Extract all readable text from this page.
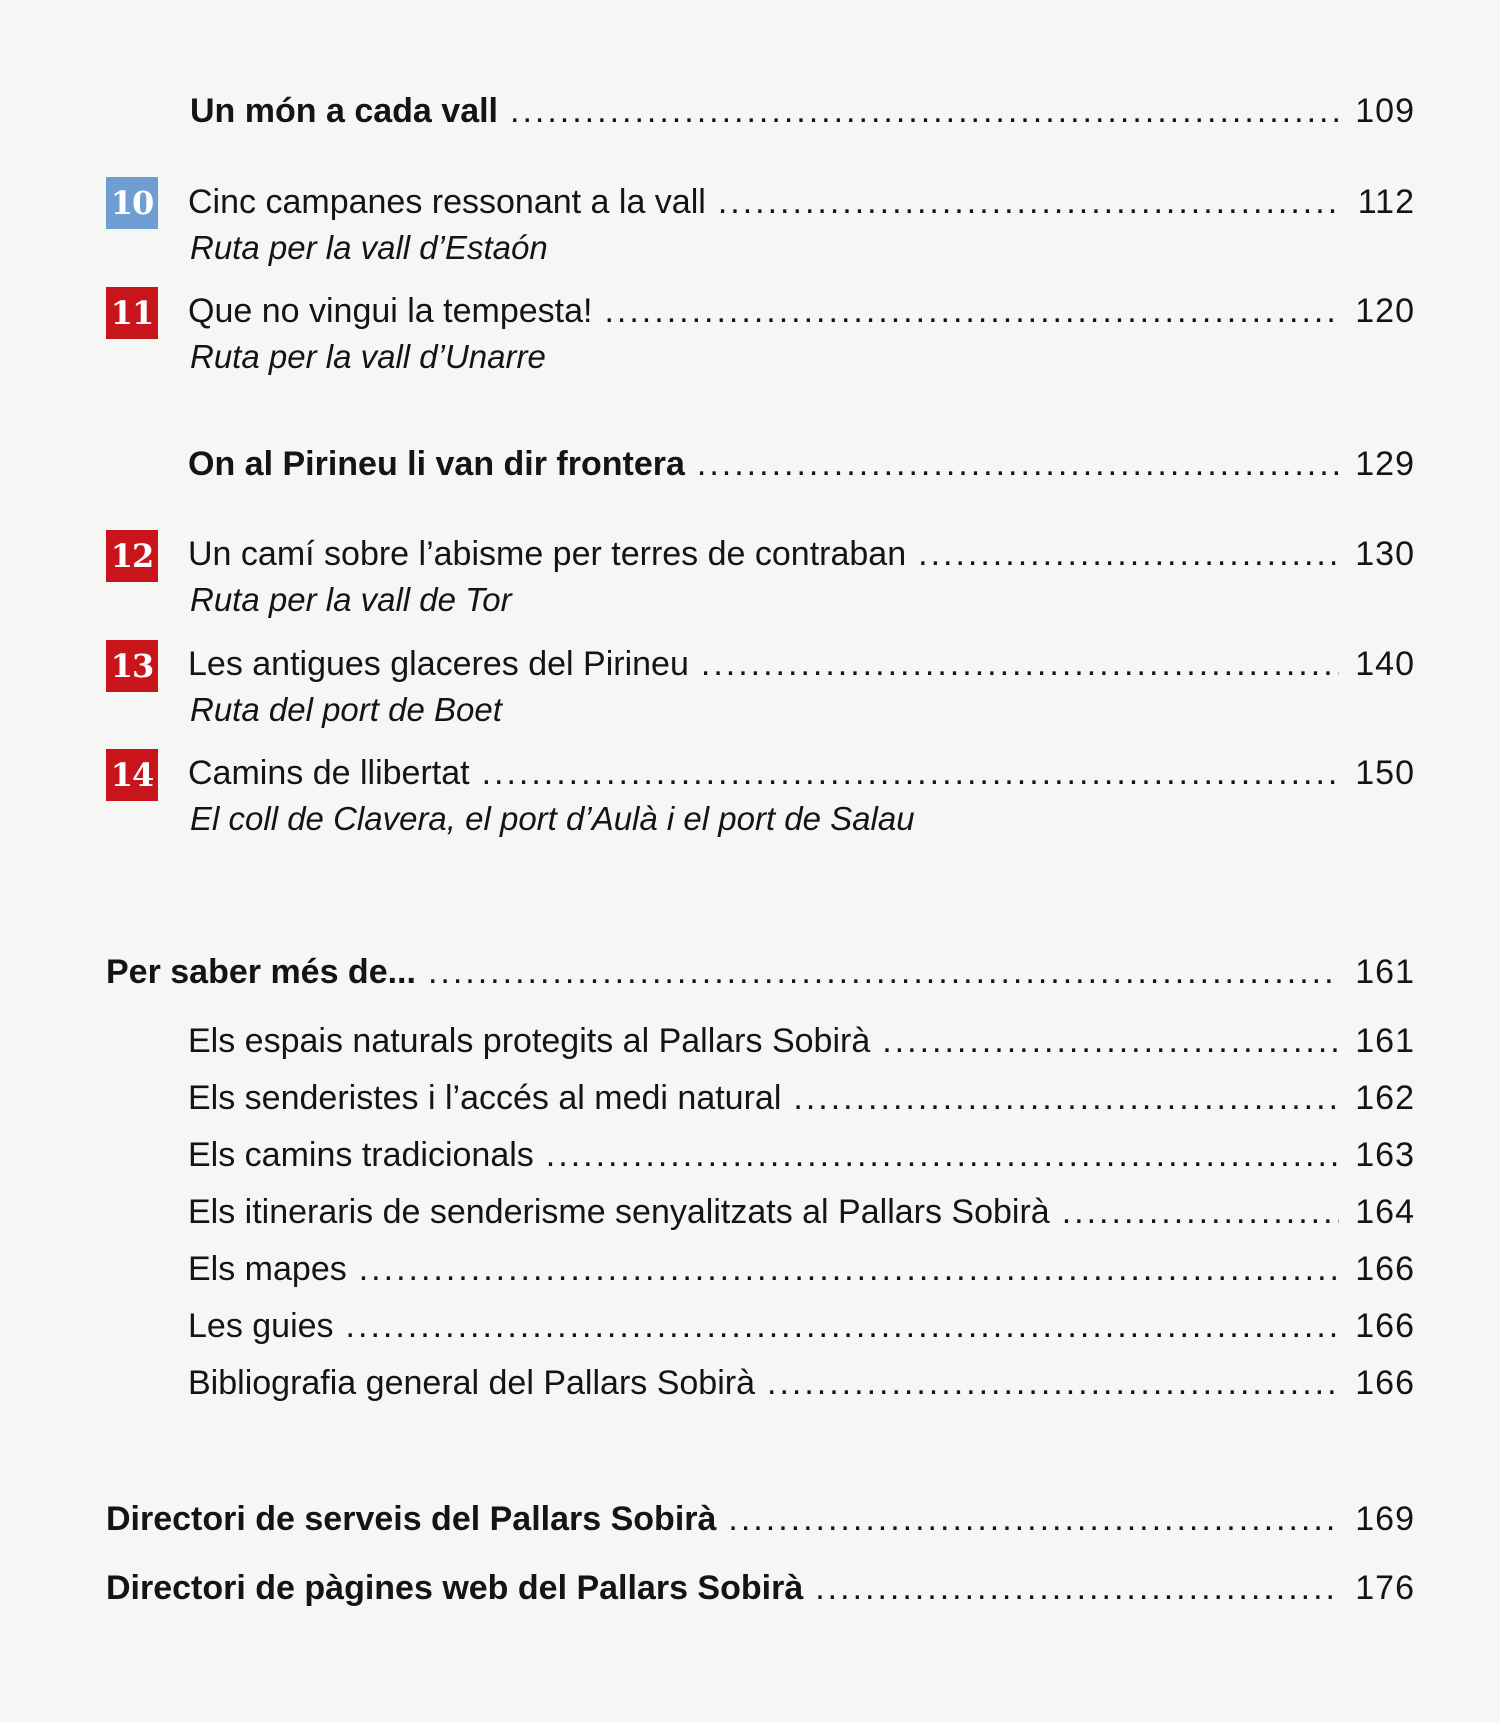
Un món a cada vall .....	109
10 Cinc campanes ressonant a la vall .....	112
Ruta per la vall d’Estaón
11 Que no vingui la tempesta! .....	120
Ruta per la vall d’Unarre
On al Pirineu li van dir frontera .....	129
12 Un camí sobre l’abisme per terres de contraban .....	130
Ruta per la vall de Tor
13 Les antigues glaceres del Pirineu .....	140
Ruta del port de Boet
14 Camins de llibertat .....	150
El coll de Clavera, el port d’Aulà i el port de Salau
Per saber més de... .....	161
Els espais naturals protegits al Pallars Sobirà .....	161
Els senderistes i l’accés al medi natural .....	162
Els camins tradicionals .....	163
Els itineraris de senderisme senyalitzats al Pallars Sobirà .....	164
Els mapes .....	166
Les guies .....	166
Bibliografia general del Pallars Sobirà .....	166
Directori de serveis del Pallars Sobirà .....	169
Directori de pàgines web del Pallars Sobirà .....	176
